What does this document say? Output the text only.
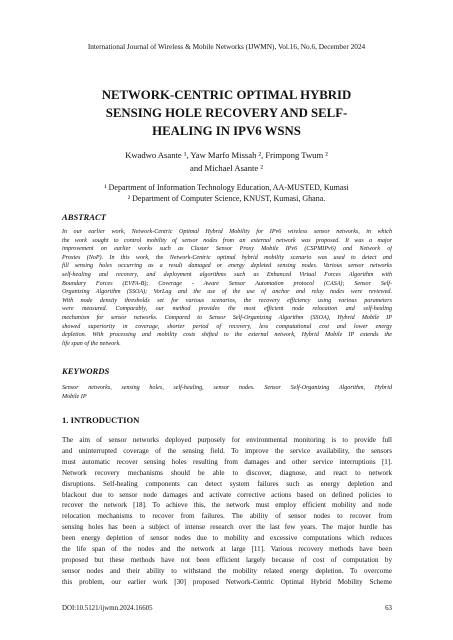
International Journal of Wireless & Mobile Networks (IJWMN), Vol.16, No.6, December 2024
NETWORK-CENTRIC OPTIMAL HYBRID
SENSING HOLE RECOVERY AND SELF-
HEALING IN IPV6 WSNS
Kwadwo Asante ¹, Yaw Marfo Missah ², Frimpong Twum ²
and Michael Asante ²
¹ Department of Information Technology Education, AA-MUSTED, Kumasi
² Department of Computer Science, KNUST, Kumasi, Ghana.
ABSTRACT
In our earlier work, Network-Centric Optimal Hybrid Mobility for IPv6 wireless sensor networks, in which
the work sought to control mobility of sensor nodes from an external network was proposed. It was a major
improvement on earlier works such as Cluster Sensor Proxy Mobile IPv6 (CSPMIPv6) and Network of
Proxies (NoP). In this work, the Network-Centric optimal hybrid mobility scenario was used to detect and
fill sensing holes occurring as a result damaged or energy depleted sensing nodes. Various sensor networks
self-healing and recovery, and deployment algorithms such as Enhanced Virtual Forces Algorithm with
Boundary Forces (EVFA-B); Coverage - Aware Sensor Automation protocol (CASA); Sensor Self-
Organizing Algorithm (SSOA); VorLag and the use of the use of anchor and relay nodes were reviewed.
With node density thresholds set for various scenarios, the recovery efficiency using various parameters
were measured. Comparably, our method provides the most efficient node relocation and self-healing
mechanism for sensor networks. Compared to Sensor Self-Organizing Algorithm (SSOA), Hybrid Mobile IP
showed superiority in coverage, shorter period of recovery, less computational cost and lower energy
depletion. With processing and mobility costs shifted to the external network, Hybrid Mobile IP extends the
life span of the network.
KEYWORDS
Sensor networks, sensing holes, self-healing, sensor nodes. Sensor Self-Organizing Algorithm, Hybrid
Mobile IP
1. INTRODUCTION
The aim of sensor networks deployed purposely for environmental monitoring is to provide full
and uninterrupted coverage of the sensing field. To improve the service availability, the sensors
must automatic recover sensing holes resulting from damages and other service interruptions [1].
Network recovery mechanisms should be able to discover, diagnose, and react to network
disruptions. Self-healing components can detect system failures such as energy depletion and
blackout due to sensor node damages and activate corrective actions based on defined policies to
recover the network [18]. To achieve this, the network must employ efficient mobility and node
relocation mechanisms to recover from failures. The ability of sensor nodes to recover from
sensing holes has been a subject of intense research over the last few years. The major hurdle has
been energy depletion of sensor nodes due to mobility and excessive computations which reduces
the life span of the nodes and the network at large [11]. Various recovery methods have been
proposed but these methods have not been efficient largely because of cost of computation by
sensor nodes and their ability to withstand the mobility related energy depletion. To overcome
this problem, our earlier work [30] proposed Network-Centric Optimal Hybrid Mobility Scheme
DOI:10.5121/ijwmn.2024.16605	63
